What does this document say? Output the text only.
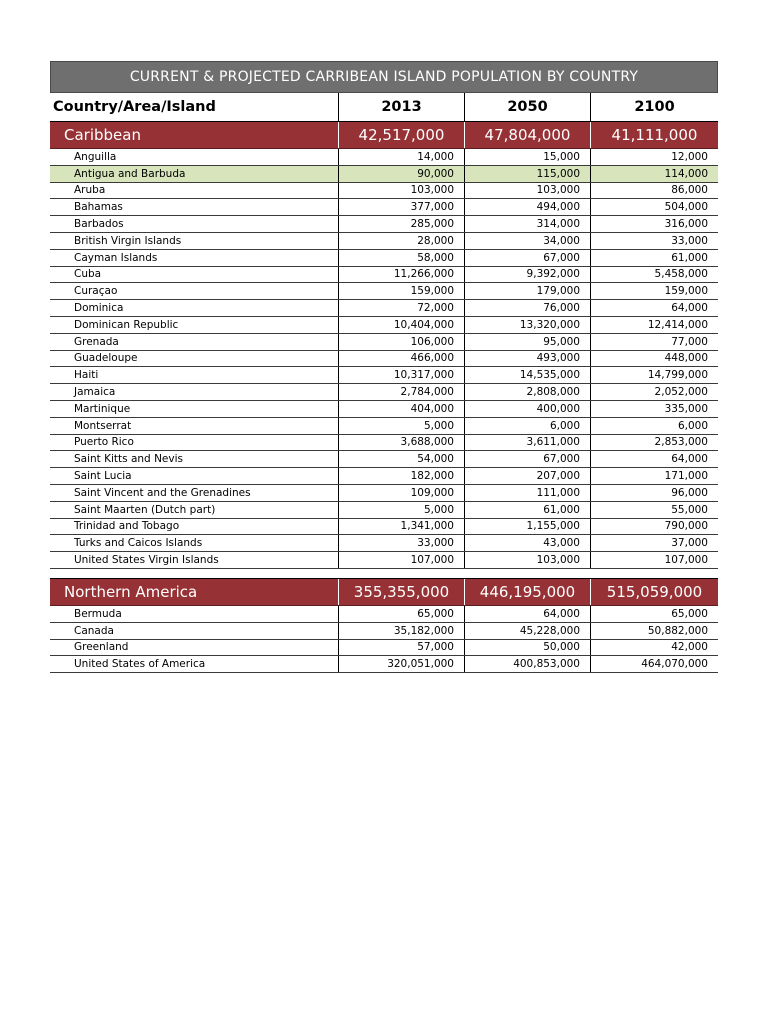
CURRENT & PROJECTED CARRIBEAN ISLAND POPULATION BY COUNTRY
Country/Area/Island	2013	2050	2100
Caribbean	42,517,000	47,804,000	41,111,000
Anguilla	14,000	15,000	12,000
Antigua and Barbuda	90,000	115,000	114,000
Aruba	103,000	103,000	86,000
Bahamas	377,000	494,000	504,000
Barbados	285,000	314,000	316,000
British Virgin Islands	28,000	34,000	33,000
Cayman Islands	58,000	67,000	61,000
Cuba	11,266,000	9,392,000	5,458,000
Curaçao	159,000	179,000	159,000
Dominica	72,000	76,000	64,000
Dominican Republic	10,404,000	13,320,000	12,414,000
Grenada	106,000	95,000	77,000
Guadeloupe	466,000	493,000	448,000
Haiti	10,317,000	14,535,000	14,799,000
Jamaica	2,784,000	2,808,000	2,052,000
Martinique	404,000	400,000	335,000
Montserrat	5,000	6,000	6,000
Puerto Rico	3,688,000	3,611,000	2,853,000
Saint Kitts and Nevis	54,000	67,000	64,000
Saint Lucia	182,000	207,000	171,000
Saint Vincent and the Grenadines	109,000	111,000	96,000
Saint Maarten (Dutch part)	5,000	61,000	55,000
Trinidad and Tobago	1,341,000	1,155,000	790,000
Turks and Caicos Islands	33,000	43,000	37,000
United States Virgin Islands	107,000	103,000	107,000
Northern America	355,355,000	446,195,000	515,059,000
Bermuda	65,000	64,000	65,000
Canada	35,182,000	45,228,000	50,882,000
Greenland	57,000	50,000	42,000
United States of America	320,051,000	400,853,000	464,070,000
